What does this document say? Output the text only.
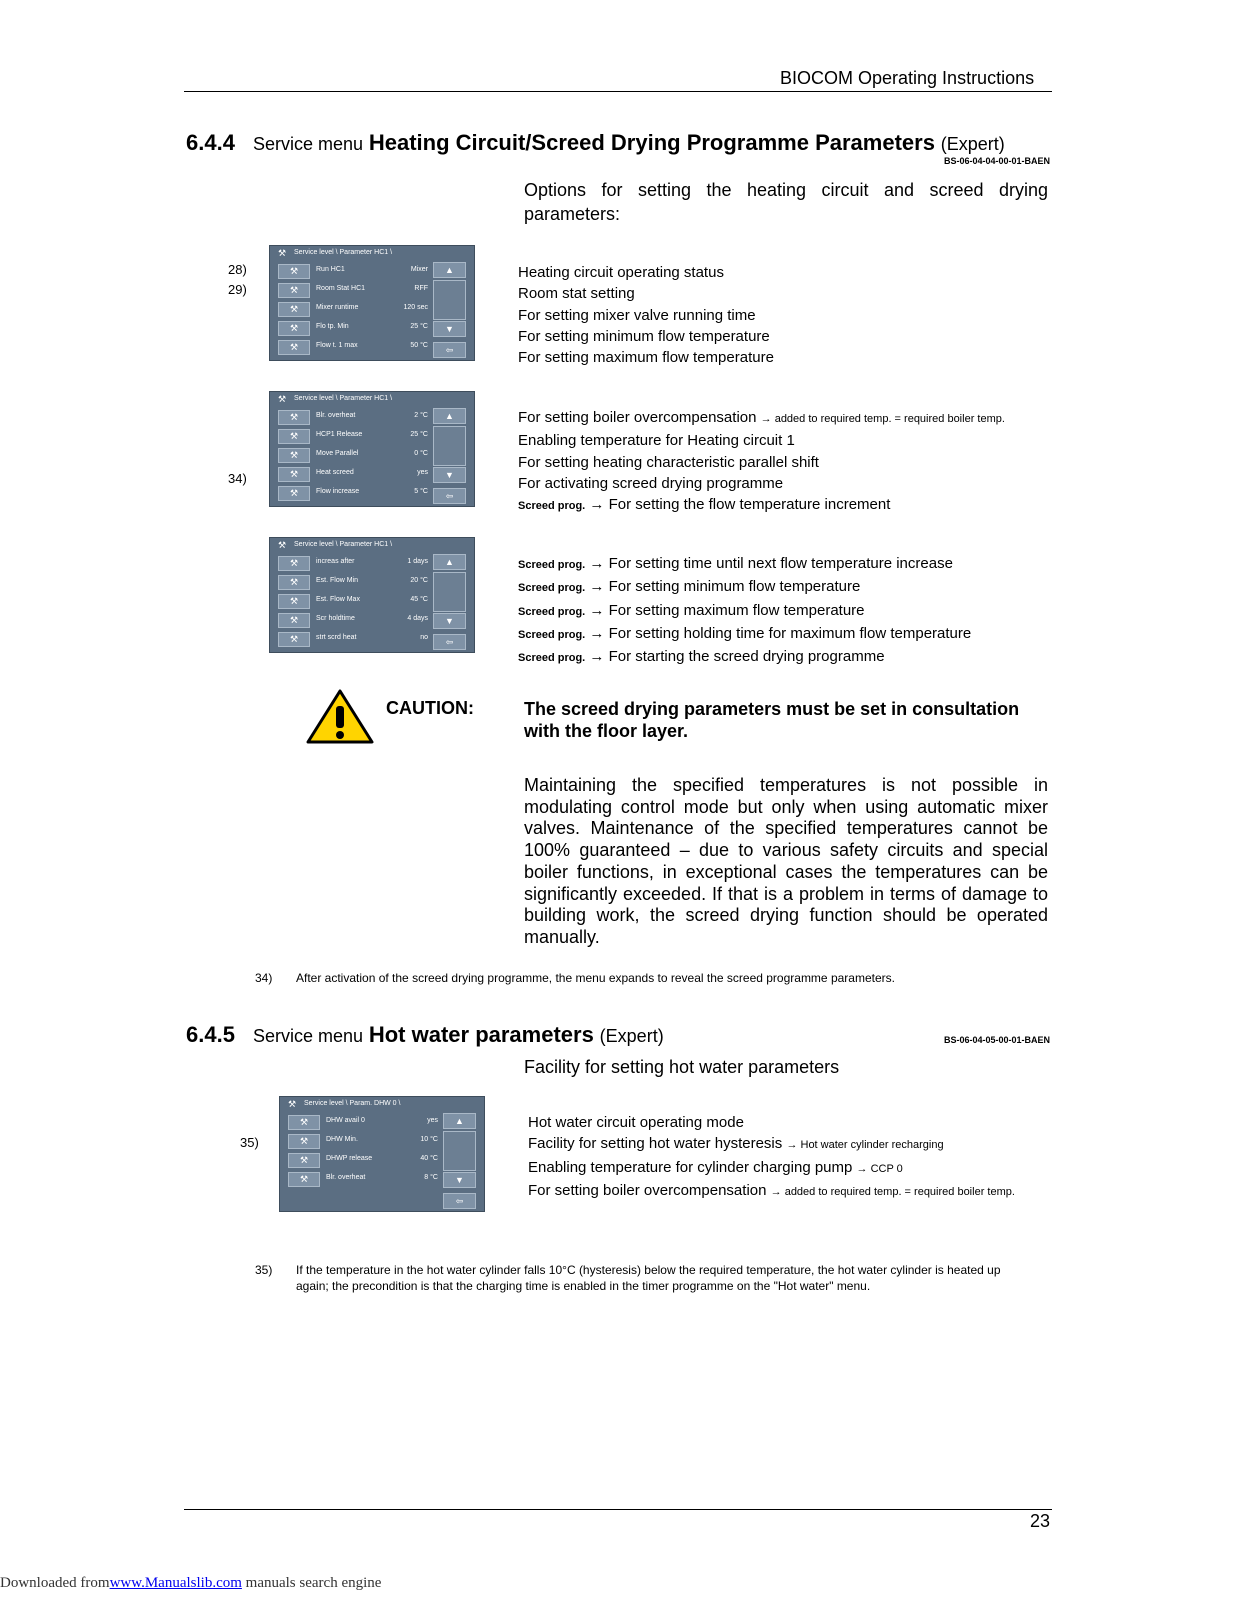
BIOCOM Operating Instructions
6.4.4 Service menu Heating Circuit/Screed Drying Programme Parameters (Expert)
BS-06-04-04-00-01-BAEN
Options for setting the heating circuit and screed drying parameters:
28)
29)
34)
⚒ Service level \ Parameter HC1 \
⚒	Run HC1	Mixer
⚒	Room Stat HC1	RFF
⚒	Mixer runtime	120 sec
⚒	Flo tp. Min	25 °C
⚒	Flow t. 1 max	50 °C
▲
▼
⇦
Heating circuit operating status
Room stat setting
For setting mixer valve running time
For setting minimum flow temperature
For setting maximum flow temperature
⚒ Service level \ Parameter HC1 \
⚒	Blr. overheat	2 °C
⚒	HCP1 Release	25 °C
⚒	Move Parallel	0 °C
⚒	Heat screed	yes
⚒	Flow increase	5 °C
▲
▼
⇦
For setting boiler overcompensation → added to required temp. = required boiler temp.
Enabling temperature for Heating circuit 1
For setting heating characteristic parallel shift
For activating screed drying programme
Screed prog. → For setting the flow temperature increment
⚒ Service level \ Parameter HC1 \
⚒	increas after	1 days
⚒	Est. Flow Min	20 °C
⚒	Est. Flow Max	45 °C
⚒	Scr holdtime	4 days
⚒	strt scrd heat	no
▲
▼
⇦
Screed prog. → For setting time until next flow temperature increase
Screed prog. → For setting minimum flow temperature
Screed prog. → For setting maximum flow temperature
Screed prog. → For setting holding time for maximum flow temperature
Screed prog. → For starting the screed drying programme
CAUTION:	The screed drying parameters must be set in consultation with the floor layer.
Maintaining the specified temperatures is not possible in modulating control mode but only when using automatic mixer valves. Maintenance of the specified temperatures cannot be 100% guaranteed – due to various safety circuits and special boiler functions, in exceptional cases the temperatures can be significantly exceeded. If that is a problem in terms of damage to building work, the screed drying function should be operated manually.
34) After activation of the screed drying programme, the menu expands to reveal the screed programme parameters.
6.4.5 Service menu Hot water parameters (Expert)	BS-06-04-05-00-01-BAEN
Facility for setting hot water parameters
35)
⚒ Service level \ Param. DHW 0 \
⚒	DHW avail 0	yes
⚒	DHW Min.	10 °C
⚒	DHWP release	40 °C
⚒	Blr. overheat	8 °C
▲
▼
⇦
Hot water circuit operating mode
Facility for setting hot water hysteresis → Hot water cylinder recharging
Enabling temperature for cylinder charging pump → CCP 0
For setting boiler overcompensation → added to required temp. = required boiler temp.
35) If the temperature in the hot water cylinder falls 10°C (hysteresis) below the required temperature, the hot water cylinder is heated up again; the precondition is that the charging time is enabled in the timer programme on the "Hot water" menu.
23
Downloaded fromwww.Manualslib.com manuals search engine
